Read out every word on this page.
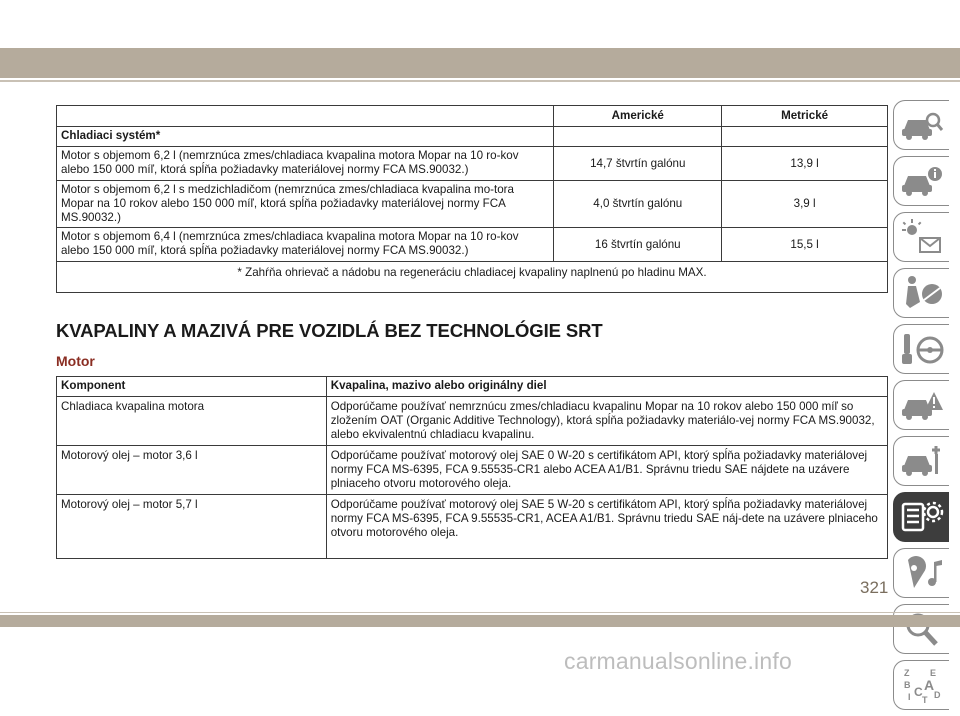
	Americké	Metrické
Chladiaci systém*		
Motor s objemom 6,2 l (nemrznúca zmes/chladiaca kvapalina motora Mopar na 10 ro-kov alebo 150 000 míľ, ktorá spĺňa požiadavky materiálovej normy FCA MS.90032.)	14,7 štvrtín galónu	13,9 l
Motor s objemom 6,2 l s medzichladičom (nemrznúca zmes/chladiaca kvapalina mo-tora Mopar na 10 rokov alebo 150 000 míľ, ktorá spĺňa požiadavky materiálovej normy FCA MS.90032.)	4,0 štvrtín galónu	3,9 l
Motor s objemom 6,4 l (nemrznúca zmes/chladiaca kvapalina motora Mopar na 10 ro-kov alebo 150 000 míľ, ktorá spĺňa požiadavky materiálovej normy FCA MS.90032.)	16 štvrtín galónu	15,5 l
* Zahŕňa ohrievač a nádobu na regeneráciu chladiacej kvapaliny naplnenú po hladinu MAX.		
KVAPALINY A MAZIVÁ PRE VOZIDLÁ BEZ TECHNOLÓGIE SRT
Motor
Komponent	Kvapalina, mazivo alebo originálny diel
Chladiaca kvapalina motora	Odporúčame používať nemrznúcu zmes/chladiacu kvapalinu Mopar na 10 rokov alebo 150 000 míľ so zložením OAT (Organic Additive Technology), ktorá spĺňa požiadavky materiálo-vej normy FCA MS.90032, alebo ekvivalentnú chladiacu kvapalinu.
Motorový olej – motor 3,6 l	Odporúčame používať motorový olej SAE 0 W-20 s certifikátom API, ktorý spĺňa požiadavky materiálovej normy FCA MS-6395, FCA 9.55535-CR1 alebo ACEA A1/B1. Správnu triedu SAE nájdete na uzávere plniaceho otvoru motorového oleja.
Motorový olej – motor 5,7 l	Odporúčame používať motorový olej SAE 5 W-20 s certifikátom API, ktorý spĺňa požiadavky materiálovej normy FCA MS-6395, FCA 9.55535-CR1, ACEA A1/B1. Správnu triedu SAE náj-dete na uzávere plniaceho otvoru motorového oleja.
Z E
B A
I C
T D
321
carmanualsonline.info
